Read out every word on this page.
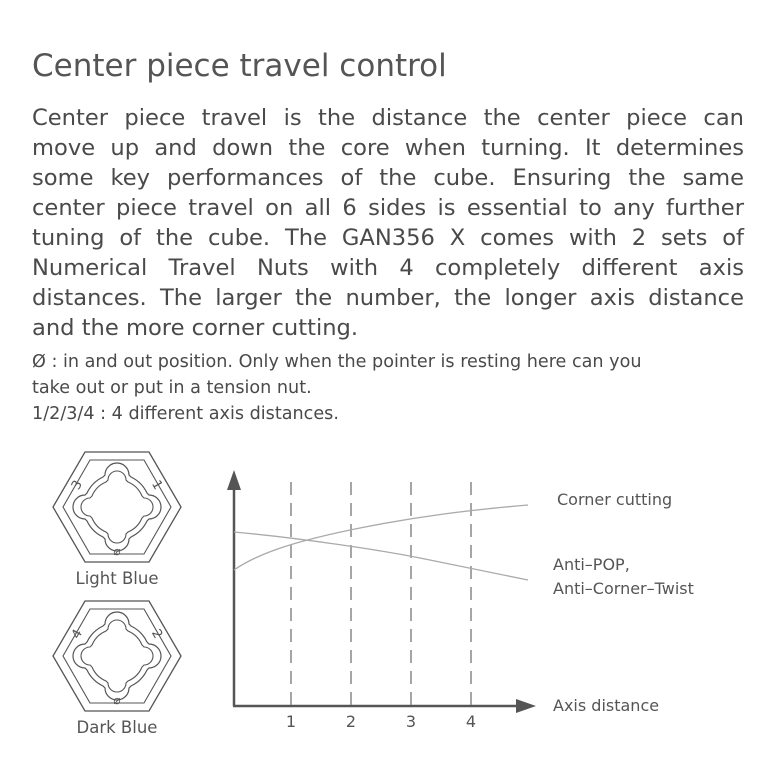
Center piece travel control
Center piece travel is the distance the center piece can
move up and down the core when turning. It determines
some key performances of the cube. Ensuring the same
center piece travel on all 6 sides is essential to any further
tuning of the cube. The GAN356 X comes with 2 sets of
Numerical Travel Nuts with 4 completely different axis
distances. The larger the number, the longer axis distance
and the more corner cutting.
Ø : in and out position. Only when the pointer is resting here can you
take out or put in a tension nut.
1/2/3/4 : 4 different axis distances.
3	1
⌀
Light Blue
4	2
⌀
Dark Blue	1	2	3	4
Corner cutting
Anti–POP,
Anti–Corner–Twist
Axis distance
